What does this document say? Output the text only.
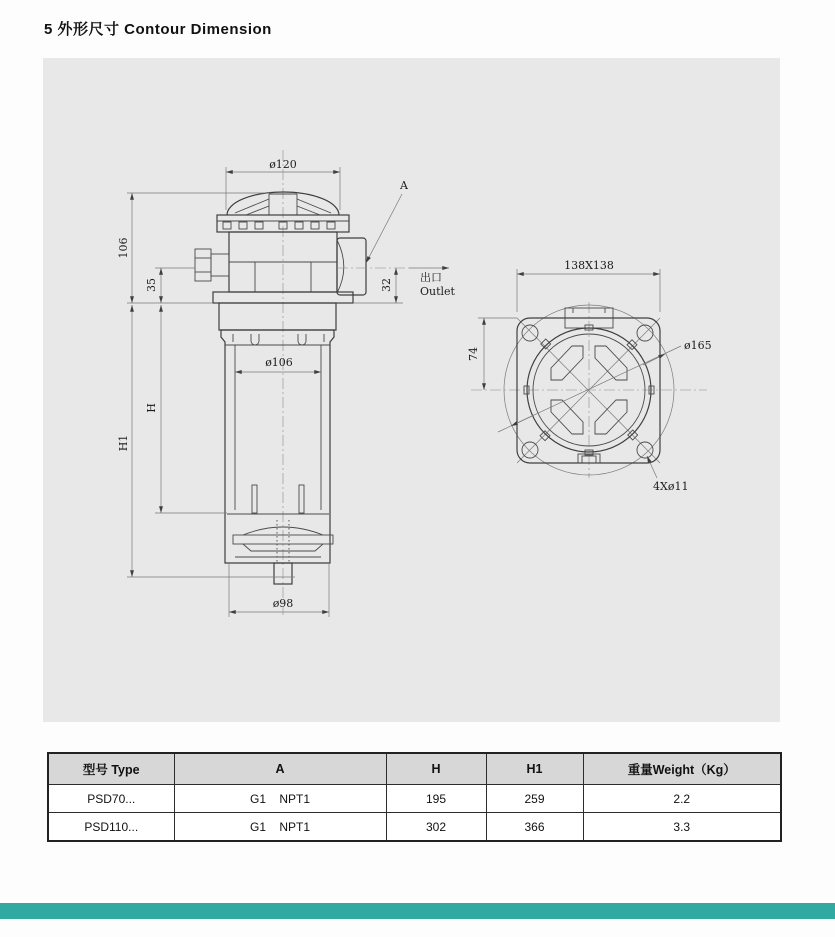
5 外形尺寸 Contour Dimension
ø120
106
H1
35
H
32
ø106
ø98
出口
Outlet
A
138X138
74
ø165
4Xø11
型号 Type	A	H	H1	重量Weight（Kg）
PSD70...	G1    NPT1	195	259	2.2
PSD110...	G1    NPT1	302	366	3.3
